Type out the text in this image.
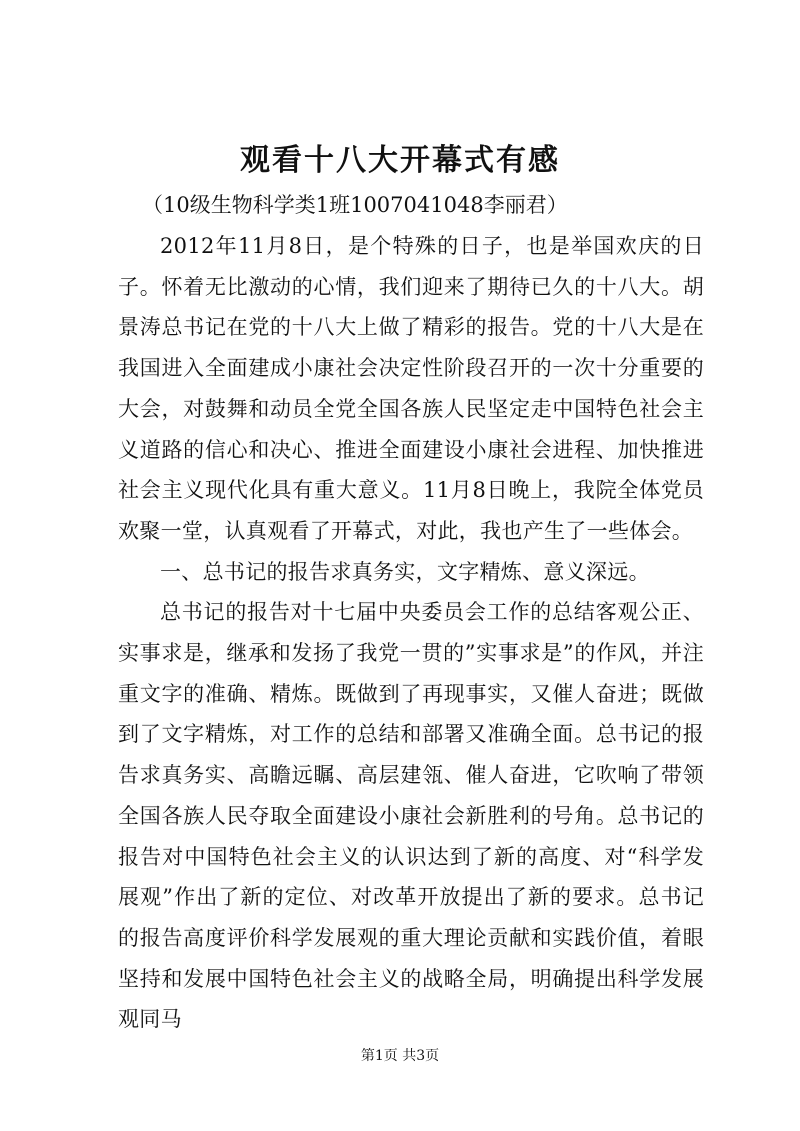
观看十八大开幕式有感
（10级生物科学类1班1007041048李丽君）

2012年11月8日，是个特殊的日子，也是举国欢庆的日子。怀着无比激动的心情，我们迎来了期待已久的十八大。胡景涛总书记在党的十八大上做了精彩的报告。党的十八大是在我国进入全面建成小康社会决定性阶段召开的一次十分重要的大会，对鼓舞和动员全党全国各族人民坚定走中国特色社会主义道路的信心和决心、推进全面建设小康社会进程、加快推进社会主义现代化具有重大意义。11月8日晚上，我院全体党员欢聚一堂，认真观看了开幕式，对此，我也产生了一些体会。

一、总书记的报告求真务实，文字精炼、意义深远。

总书记的报告对十七届中央委员会工作的总结客观公正、实事求是，继承和发扬了我党一贯的”实事求是”的作风，并注重文字的准确、精炼。既做到了再现事实，又催人奋进；既做到了文字精炼，对工作的总结和部署又准确全面。总书记的报告求真务实、高瞻远瞩、高层建瓴、催人奋进，它吹响了带领全国各族人民夺取全面建设小康社会新胜利的号角。总书记的报告对中国特色社会主义的认识达到了新的高度、对“科学发展观”作出了新的定位、对改革开放提出了新的要求。总书记的报告高度评价科学发展观的重大理论贡献和实践价值，着眼坚持和发展中国特色社会主义的战略全局，明确提出科学发展观同马

第1页 共3页
